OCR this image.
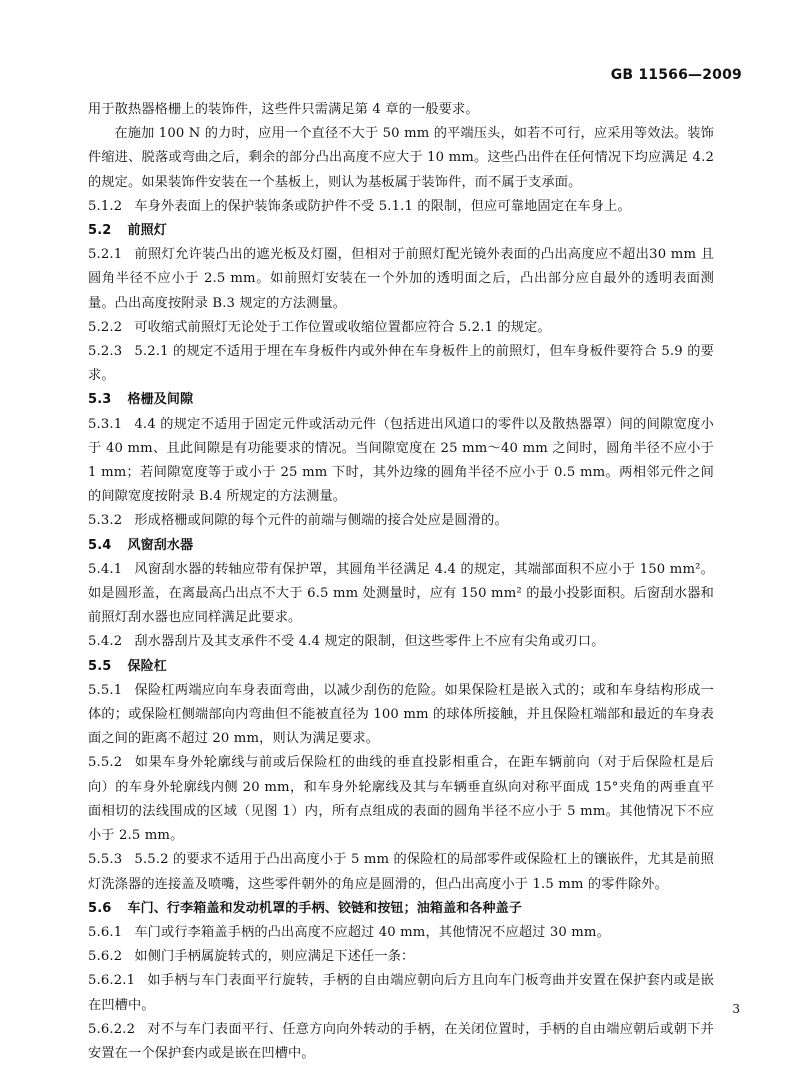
GB 11566—2009

用于散热器格栅上的装饰件，这些件只需满足第 4 章的一般要求。

在施加 100 N 的力时，应用一个直径不大于 50 mm 的平端压头，如若不可行，应采用等效法。装饰件缩进、脱落或弯曲之后，剩余的部分凸出高度不应大于 10 mm。这些凸出件在任何情况下均应满足 4.2 的规定。如果装饰件安装在一个基板上，则认为基板属于装饰件，而不属于支承面。

5.1.2 车身外表面上的保护装饰条或防护件不受 5.1.1 的限制，但应可靠地固定在车身上。

5.2 前照灯

5.2.1 前照灯允许装凸出的遮光板及灯圈，但相对于前照灯配光镜外表面的凸出高度应不超出30 mm 且圆角半径不应小于 2.5 mm。如前照灯安装在一个外加的透明面之后，凸出部分应自最外的透明表面测量。凸出高度按附录 B.3 规定的方法测量。

5.2.2 可收缩式前照灯无论处于工作位置或收缩位置都应符合 5.2.1 的规定。

5.2.3 5.2.1 的规定不适用于埋在车身板件内或外伸在车身板件上的前照灯，但车身板件要符合 5.9 的要求。

5.3 格栅及间隙

5.3.1 4.4 的规定不适用于固定元件或活动元件（包括进出风道口的零件以及散热器罩）间的间隙宽度小于 40 mm、且此间隙是有功能要求的情况。当间隙宽度在 25 mm～40 mm 之间时，圆角半径不应小于 1 mm；若间隙宽度等于或小于 25 mm 下时，其外边缘的圆角半径不应小于 0.5 mm。两相邻元件之间的间隙宽度按附录 B.4 所规定的方法测量。

5.3.2 形成格栅或间隙的每个元件的前端与侧端的接合处应是圆滑的。

5.4 风窗刮水器

5.4.1 风窗刮水器的转轴应带有保护罩，其圆角半径满足 4.4 的规定，其端部面积不应小于 150 mm²。如是圆形盖，在离最高凸出点不大于 6.5 mm 处测量时，应有 150 mm² 的最小投影面积。后窗刮水器和前照灯刮水器也应同样满足此要求。

5.4.2 刮水器刮片及其支承件不受 4.4 规定的限制，但这些零件上不应有尖角或刃口。

5.5 保险杠

5.5.1 保险杠两端应向车身表面弯曲，以减少刮伤的危险。如果保险杠是嵌入式的；或和车身结构形成一体的；或保险杠侧端部向内弯曲但不能被直径为 100 mm 的球体所接触，并且保险杠端部和最近的车身表面之间的距离不超过 20 mm，则认为满足要求。

5.5.2 如果车身外轮廓线与前或后保险杠的曲线的垂直投影相重合，在距车辆前向（对于后保险杠是后向）的车身外轮廓线内侧 20 mm，和车身外轮廓线及其与车辆垂直纵向对称平面成 15°夹角的两垂直平面相切的法线围成的区域（见图 1）内，所有点组成的表面的圆角半径不应小于 5 mm。其他情况下不应小于 2.5 mm。

5.5.3 5.5.2 的要求不适用于凸出高度小于 5 mm 的保险杠的局部零件或保险杠上的镶嵌件，尤其是前照灯洗涤器的连接盖及喷嘴，这些零件朝外的角应是圆滑的，但凸出高度小于 1.5 mm 的零件除外。

5.6 车门、行李箱盖和发动机罩的手柄、铰链和按钮；油箱盖和各种盖子

5.6.1 车门或行李箱盖手柄的凸出高度不应超过 40 mm，其他情况不应超过 30 mm。

5.6.2 如侧门手柄属旋转式的，则应满足下述任一条：

5.6.2.1 如手柄与车门表面平行旋转，手柄的自由端应朝向后方且向车门板弯曲并安置在保护套内或是嵌在凹槽中。

5.6.2.2 对不与车门表面平行、任意方向向外转动的手柄，在关闭位置时，手柄的自由端应朝后或朝下并安置在一个保护套内或是嵌在凹槽中。

3
